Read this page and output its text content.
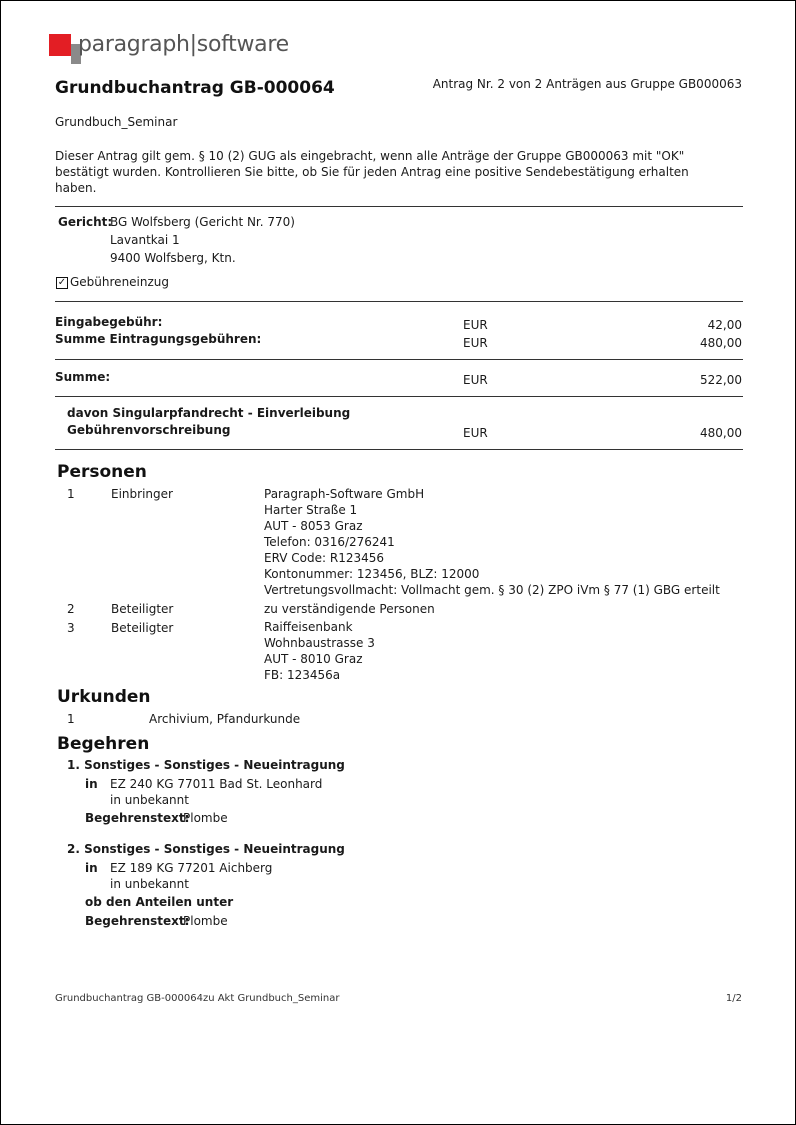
paragraph|software
Grundbuchantrag GB-000064	Antrag Nr. 2 von 2 Anträgen aus Gruppe GB000063
Grundbuch_Seminar
Dieser Antrag gilt gem. § 10 (2) GUG als eingebracht, wenn alle Anträge der Gruppe GB000063 mit "OK"
bestätigt wurden. Kontrollieren Sie bitte, ob Sie für jeden Antrag eine positive Sendebestätigung erhalten
haben.
Gericht:
BG Wolfsberg (Gericht Nr. 770)
Lavantkai 1
9400 Wolfsberg, Ktn.
✓ Gebühreneinzug
Eingabegebühr:	EUR	42,00
Summe Eintragungsgebühren:	EUR	480,00
Summe:	EUR	522,00
davon Singularpfandrecht - Einverleibung
Gebührenvorschreibung	EUR	480,00
Personen
1	Einbringer	Paragraph-Software GmbH
Harter Straße 1
AUT - 8053 Graz
Telefon: 0316/276241
ERV Code: R123456
Kontonummer: 123456, BLZ: 12000
Vertretungsvollmacht: Vollmacht gem. § 30 (2) ZPO iVm § 77 (1) GBG erteilt
2	Beteiligter	zu verständigende Personen
3	Beteiligter	Raiffeisenbank
Wohnbaustrasse 3
AUT - 8010 Graz
FB: 123456a
Urkunden
1	Archivium, Pfandurkunde
Begehren
1. Sonstiges - Sonstiges - Neueintragung
in EZ 240 KG 77011 Bad St. Leonhard
in unbekannt
Begehrenstext:
Plombe
2. Sonstiges - Sonstiges - Neueintragung
in EZ 189 KG 77201 Aichberg
in unbekannt
ob den Anteilen unter
Begehrenstext:
Plombe
Grundbuchantrag GB-000064zu Akt Grundbuch_Seminar	1/2
